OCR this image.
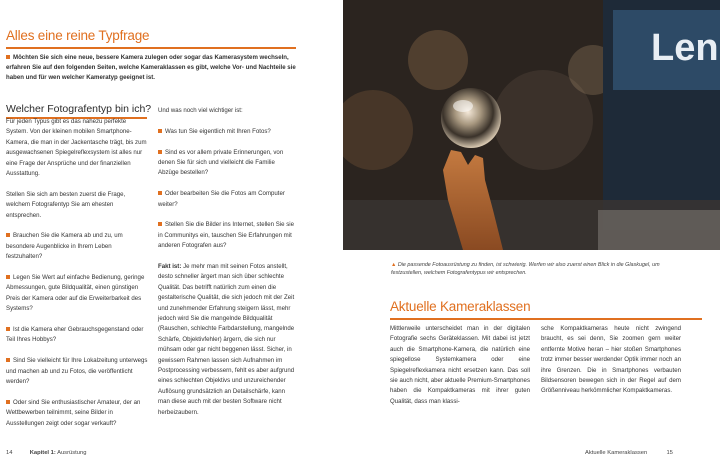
Alles eine reine Typfrage
Möchten Sie sich eine neue, bessere Kamera zulegen oder sogar das Kamerasystem wechseln, erfahren Sie auf den folgenden Seiten, welche Kameraklassen es gibt, welche Vor- und Nachteile sie haben und für wen welcher Kameratyp geeignet ist.
Welcher Fotografentyp bin ich?

Für jeden Typus gibt es das nahezu perfekte System. Von der kleinen mobilen Smartphone-Kamera, die man in der Jackentasche trägt, bis zum ausgewachsenen Spiegelreflexsystem ist alles nur eine Frage der Ansprüche und der finanziellen Ausstattung.

Stellen Sie sich am besten zuerst die Frage, welchem Fotografentyp Sie am ehesten entsprechen.

Brauchen Sie die Kamera ab und zu, um besondere Augenblicke in Ihrem Leben festzuhalten?

Legen Sie Wert auf einfache Bedienung, geringe Abmessungen, gute Bildqualität, einen günstigen Preis der Kamera oder auf die Erweiterbarkeit des Systems?

Ist die Kamera eher Gebrauchsgegenstand oder Teil Ihres Hobbys?

Sind Sie vielleicht für Ihre Lokalzeitung unterwegs und machen ab und zu Fotos, die veröffentlicht werden?

Oder sind Sie enthusiastischer Amateur, der an Wettbewerben teilnimmt, seine Bilder in Ausstellungen zeigt oder sogar verkauft?

Und was noch viel wichtiger ist:

Was tun Sie eigentlich mit Ihren Fotos?

Sind es vor allem private Erinnerungen, von denen Sie für sich und vielleicht die Familie Abzüge bestellen?

Oder bearbeiten Sie die Fotos am Computer weiter?

Stellen Sie die Bilder ins Internet, stellen Sie sie in Communitys ein, tauschen Sie Erfahrungen mit anderen Fotografen aus?

Fakt ist: Je mehr man mit seinen Fotos anstellt, desto schneller ärgert man sich über schlechte Qualität. Das betrifft natürlich zum einen die gestalterische Qualität, die sich jedoch mit der Zeit und zunehmender Erfahrung steigern lässt, mehr jedoch wird Sie die mangelnde Bildqualität (Rauschen, schlechte Farbdarstellung, mangelnde Schärfe, Objektivfehler) ärgern, die sich nur mühsam oder gar nicht beggenen lässt. Sicher, in gewissem Rahmen lassen sich Aufnahmen im Postprocessing verbessern, fehlt es aber aufgrund eines schlechten Objektivs und unzureichender Auflösung grundsätzlich an Detailschärfe, kann man diese auch mit der besten Software nicht herbeizaubern.

14	Kapitel 1: Ausrüstung
Len
▲ Die passende Fotoausrüstung zu finden, ist schwierig. Werfen wir also zuerst einen Blick in die Glaskugel, um festzustellen, welchem Fotografentypus wir entsprechen.
Aktuelle Kameraklassen
Mittlerweile unterscheidet man in der digitalen Fotografie sechs Geräteklassen. Mit dabei ist jetzt auch die Smartphone-Kamera, die natürlich eine spiegellose Systemkamera oder eine Spiegelreflexkamera nicht ersetzen kann. Das soll sie auch nicht, aber aktuelle Premium-Smartphones haben die Kompaktkameras mit ihrer guten Qualität, dass man klassi-
sche Kompaktkameras heute nicht zwingend braucht, es sei denn, Sie zoomen gern weiter entfernte Motive heran – hier stoßen Smartphones trotz immer besser werdender Optik immer noch an ihre Grenzen. Die in Smartphones verbauten Bildsensoren bewegen sich in der Regel auf dem Größenniveau herkömmlicher Kompaktkameras.
Aktuelle Kameraklassen	15
